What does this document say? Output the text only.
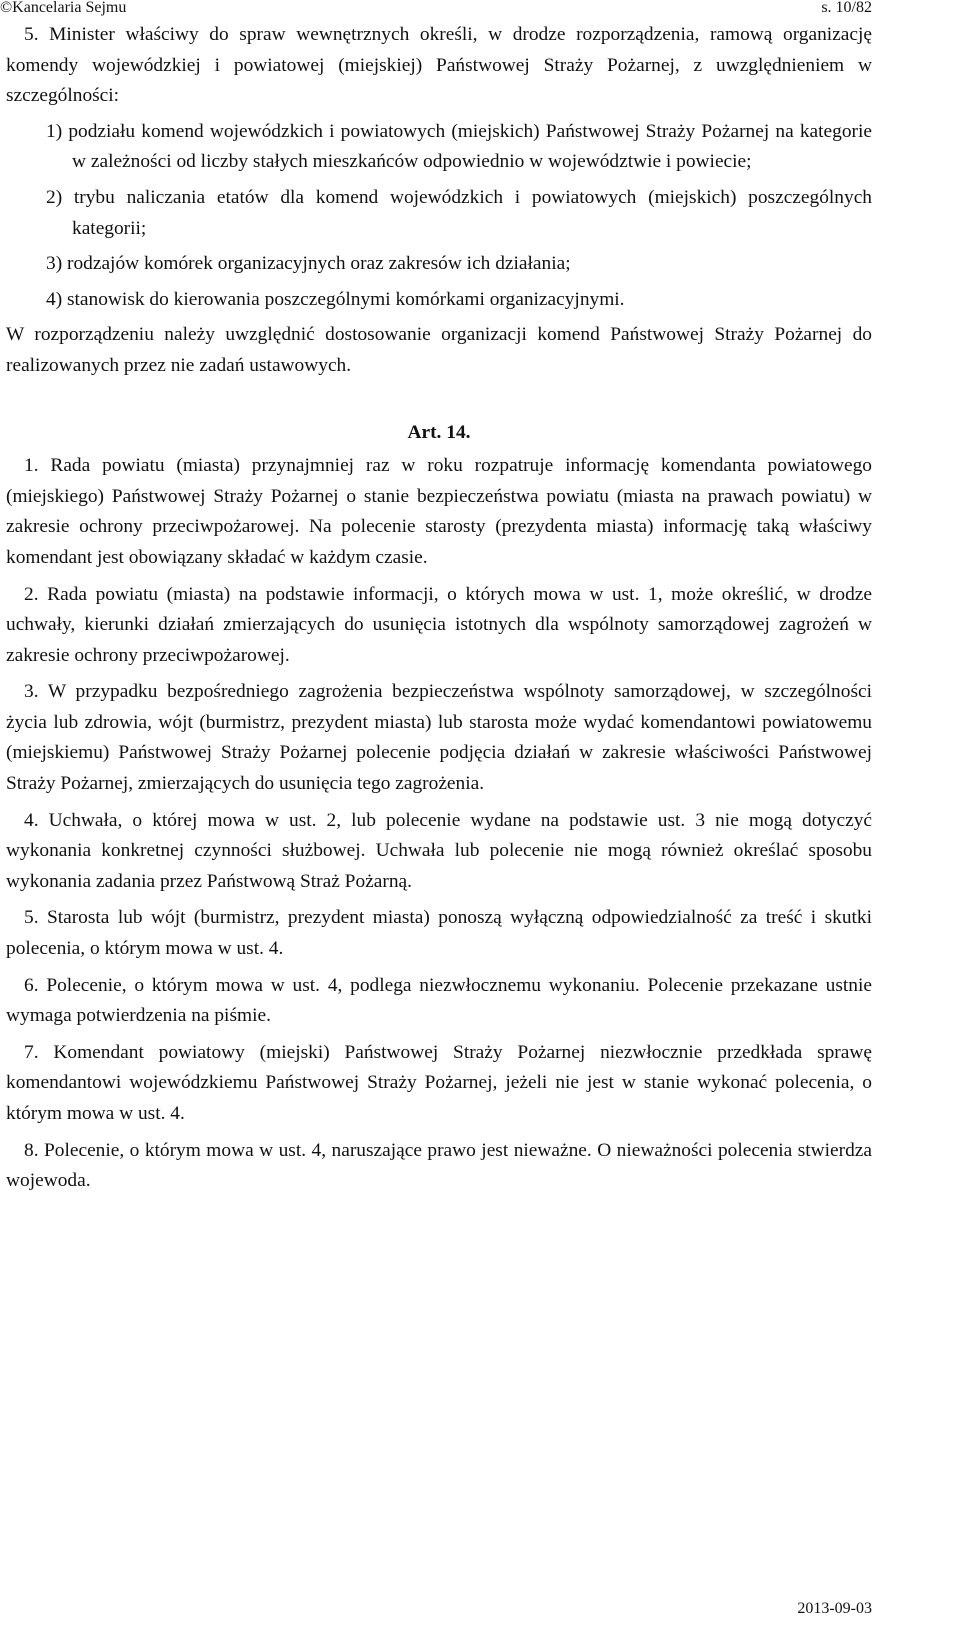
©Kancelaria Sejmu	s. 10/82

5. Minister właściwy do spraw wewnętrznych określi, w drodze rozporządzenia, ramową organizację komendy wojewódzkiej i powiatowej (miejskiej) Państwowej Straży Pożarnej, z uwzględnieniem w szczególności:

1) podziału komend wojewódzkich i powiatowych (miejskich) Państwowej Straży Pożarnej na kategorie w zależności od liczby stałych mieszkańców odpowiednio w województwie i powiecie;

2) trybu naliczania etatów dla komend wojewódzkich i powiatowych (miejskich) poszczególnych kategorii;

3) rodzajów komórek organizacyjnych oraz zakresów ich działania;

4) stanowisk do kierowania poszczególnymi komórkami organizacyjnymi.

W rozporządzeniu należy uwzględnić dostosowanie organizacji komend Państwowej Straży Pożarnej do realizowanych przez nie zadań ustawowych.

Art. 14.

1. Rada powiatu (miasta) przynajmniej raz w roku rozpatruje informację komendanta powiatowego (miejskiego) Państwowej Straży Pożarnej o stanie bezpieczeństwa powiatu (miasta na prawach powiatu) w zakresie ochrony przeciwpożarowej. Na polecenie starosty (prezydenta miasta) informację taką właściwy komendant jest obowiązany składać w każdym czasie.

2. Rada powiatu (miasta) na podstawie informacji, o których mowa w ust. 1, może określić, w drodze uchwały, kierunki działań zmierzających do usunięcia istotnych dla wspólnoty samorządowej zagrożeń w zakresie ochrony przeciwpożarowej.

3. W przypadku bezpośredniego zagrożenia bezpieczeństwa wspólnoty samorządowej, w szczególności życia lub zdrowia, wójt (burmistrz, prezydent miasta) lub starosta może wydać komendantowi powiatowemu (miejskiemu) Państwowej Straży Pożarnej polecenie podjęcia działań w zakresie właściwości Państwowej Straży Pożarnej, zmierzających do usunięcia tego zagrożenia.

4. Uchwała, o której mowa w ust. 2, lub polecenie wydane na podstawie ust. 3 nie mogą dotyczyć wykonania konkretnej czynności służbowej. Uchwała lub polecenie nie mogą również określać sposobu wykonania zadania przez Państwową Straż Pożarną.

5. Starosta lub wójt (burmistrz, prezydent miasta) ponoszą wyłączną odpowiedzialność za treść i skutki polecenia, o którym mowa w ust. 4.

6. Polecenie, o którym mowa w ust. 4, podlega niezwłocznemu wykonaniu. Polecenie przekazane ustnie wymaga potwierdzenia na piśmie.

7. Komendant powiatowy (miejski) Państwowej Straży Pożarnej niezwłocznie przedkłada sprawę komendantowi wojewódzkiemu Państwowej Straży Pożarnej, jeżeli nie jest w stanie wykonać polecenia, o którym mowa w ust. 4.

8. Polecenie, o którym mowa w ust. 4, naruszające prawo jest nieważne. O nieważności polecenia stwierdza wojewoda.

2013-09-03
